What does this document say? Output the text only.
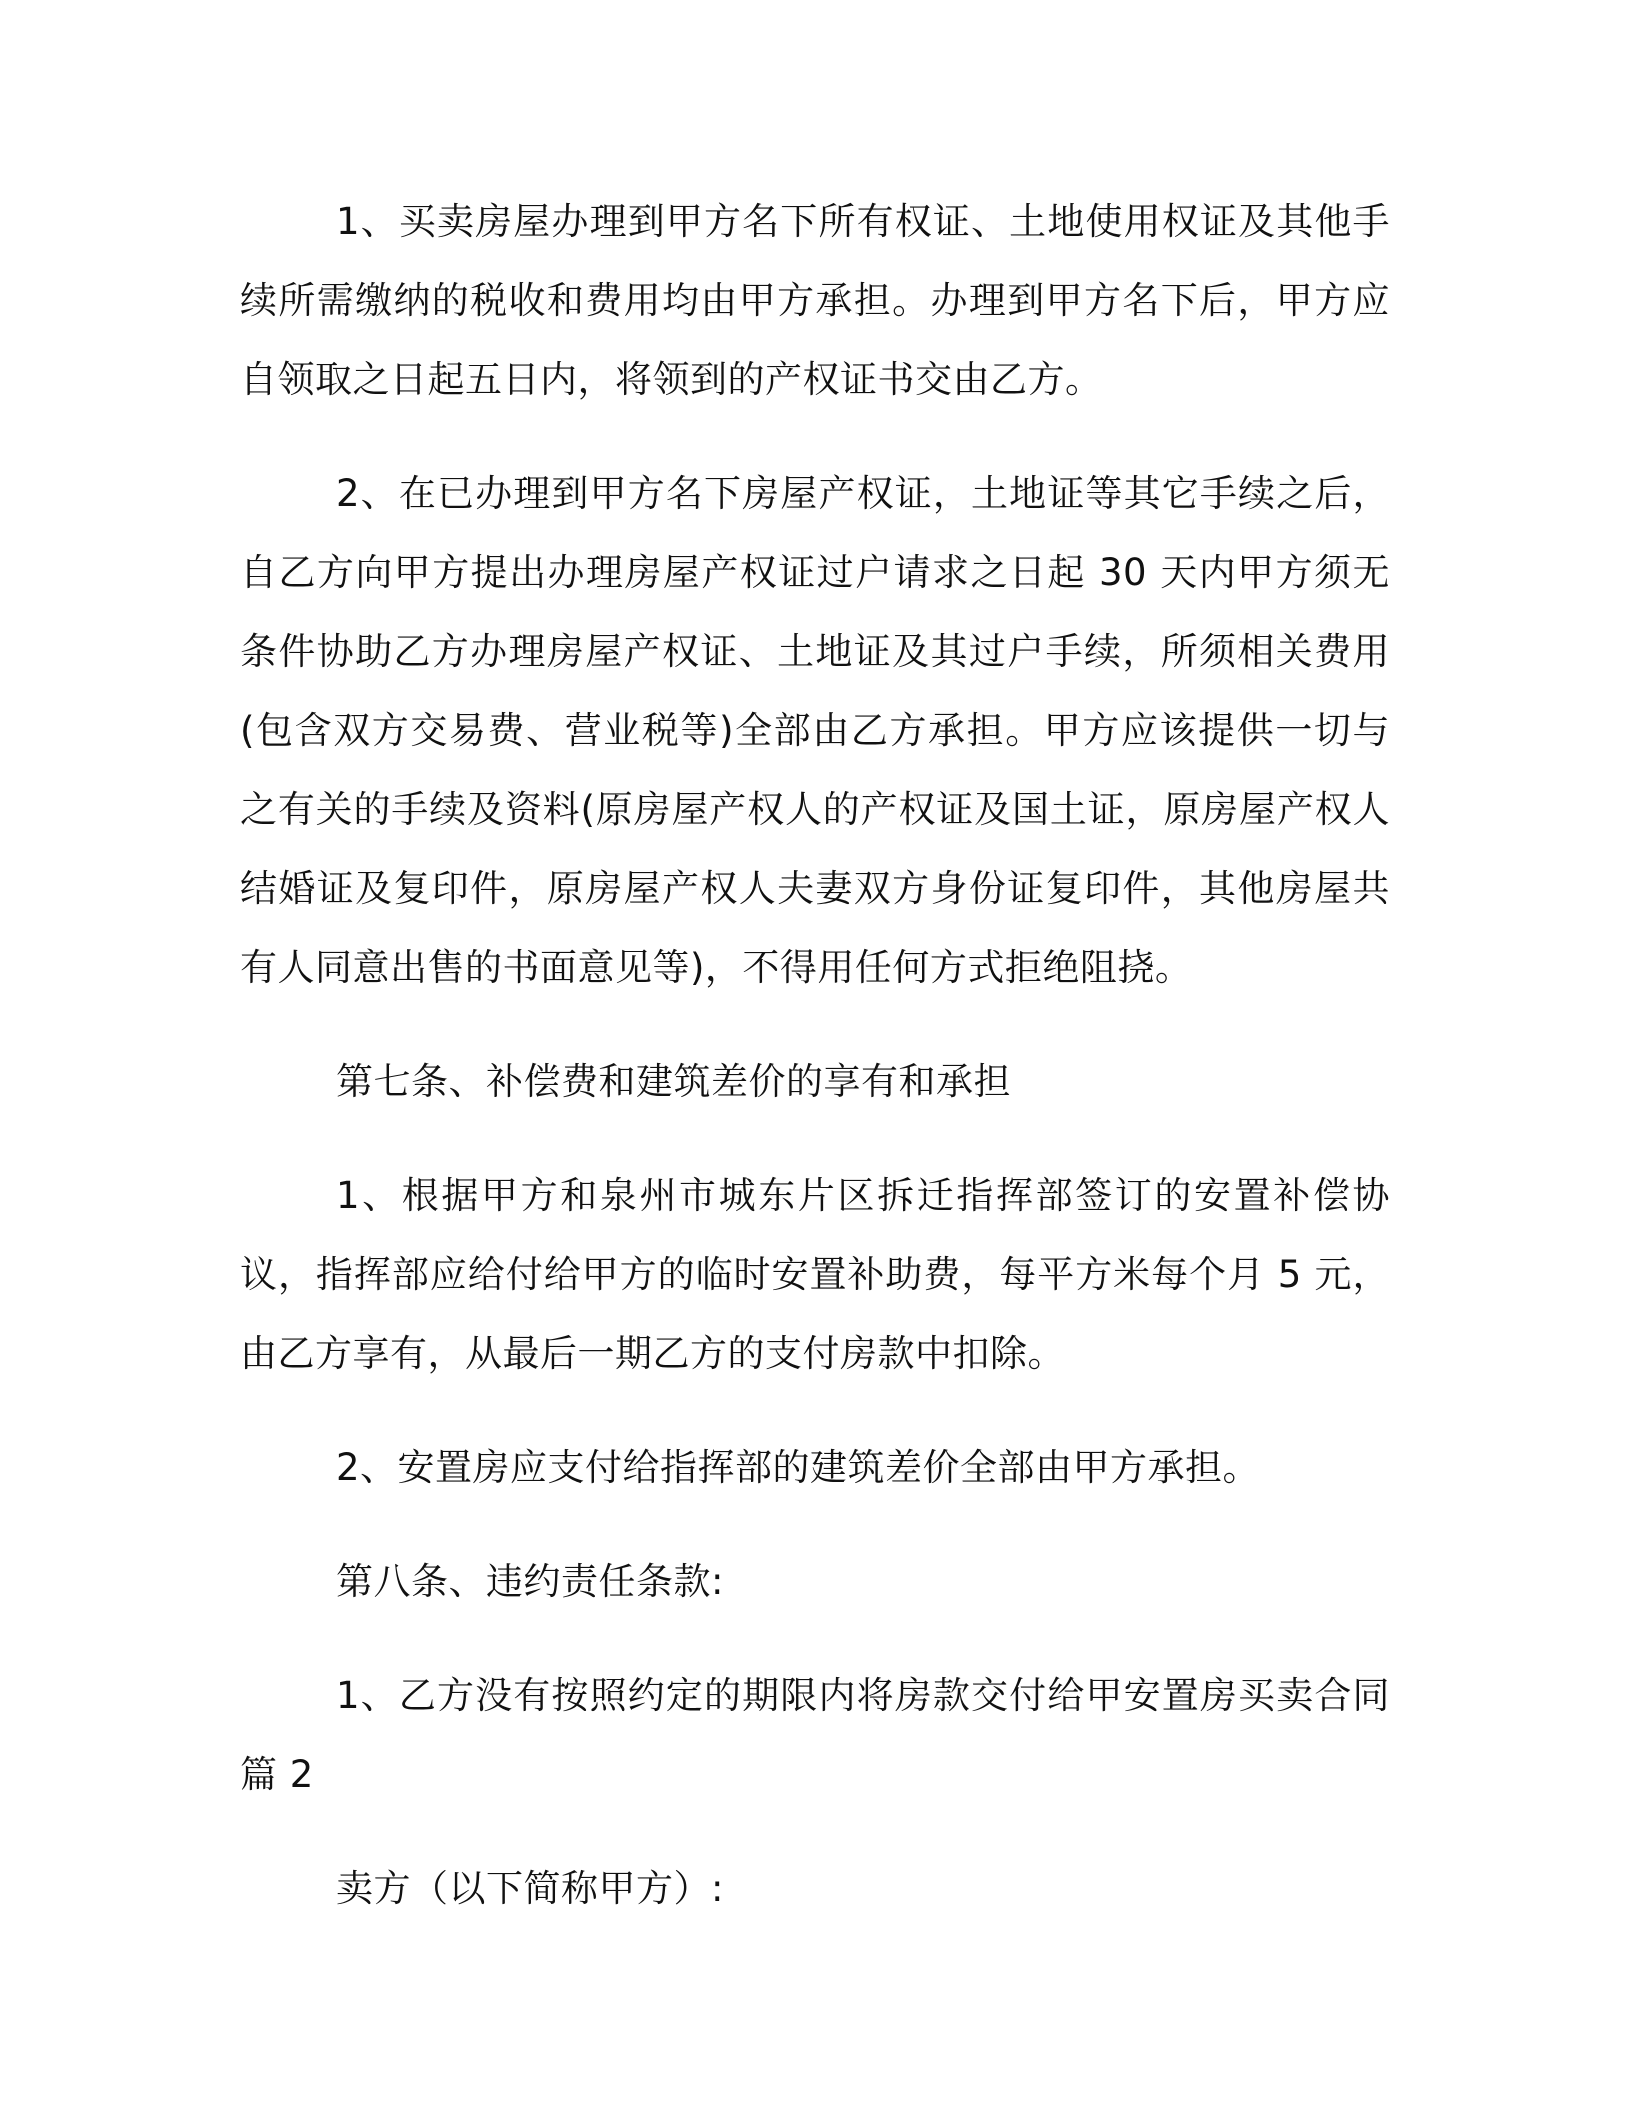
1、买卖房屋办理到甲方名下所有权证、土地使用权证及其他手续所需缴纳的税收和费用均由甲方承担。办理到甲方名下后，甲方应自领取之日起五日内，将领到的产权证书交由乙方。

2、在已办理到甲方名下房屋产权证，土地证等其它手续之后，自乙方向甲方提出办理房屋产权证过户请求之日起 30 天内甲方须无条件协助乙方办理房屋产权证、土地证及其过户手续，所须相关费用(包含双方交易费、营业税等)全部由乙方承担。甲方应该提供一切与之有关的手续及资料(原房屋产权人的产权证及国土证，原房屋产权人结婚证及复印件，原房屋产权人夫妻双方身份证复印件，其他房屋共有人同意出售的书面意见等)，不得用任何方式拒绝阻挠。

第七条、补偿费和建筑差价的享有和承担

1、根据甲方和泉州市城东片区拆迁指挥部签订的安置补偿协议，指挥部应给付给甲方的临时安置补助费，每平方米每个月 5 元，由乙方享有，从最后一期乙方的支付房款中扣除。

2、安置房应支付给指挥部的建筑差价全部由甲方承担。

第八条、违约责任条款:

1、乙方没有按照约定的期限内将房款交付给甲安置房买卖合同篇 2

卖方（以下简称甲方）:
